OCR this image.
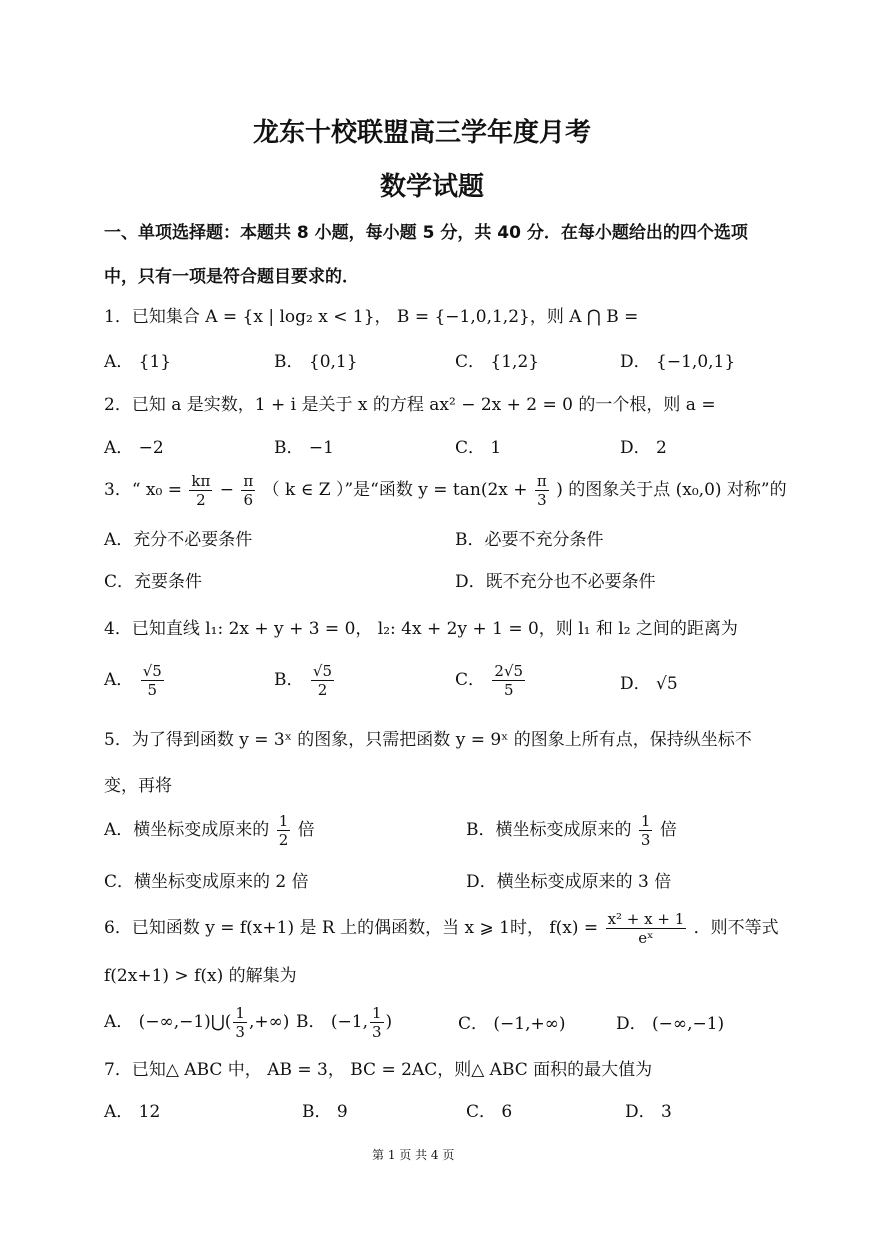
龙东十校联盟高三学年度月考
数学试题
一、单项选择题：本题共 8 小题，每小题 5 分，共 40 分．在每小题给出的四个选项
中，只有一项是符合题目要求的．
1．已知集合 A = {x | log₂ x < 1}， B = {−1,0,1,2}，则 A ⋂ B =
A． {1}	B． {0,1}	C． {1,2}	D． {−1,0,1}
2．已知 a 是实数，1 + i 是关于 x 的方程 ax² − 2x + 2 = 0 的一个根，则 a =
A． −2	B． −1	C． 1	D． 2
3．“ $x_0 = \frac{k\pi}{2} - \frac{\pi}{6}$ （ k ∈ Z ）”是“函数 $y = \tan(2x + \frac{\pi}{3}$ ) 的图象关于点 (x₀,0) 对称”的
A．充分不必要条件	B．必要不充分条件
C．充要条件	D．既不充分也不必要条件
4．已知直线 l₁: 2x + y + 3 = 0， l₂: 4x + 2y + 1 = 0，则 l₁ 和 l₂ 之间的距离为
A． $\frac{√5}{5}$	B． $\frac{√5}{2}$	C． $\frac{2√5}{5}$	D． √5
5．为了得到函数 y = 3ˣ 的图象，只需把函数 y = 9ˣ 的图象上所有点，保持纵坐标不
变，再将
A．横坐标变成原来的 $\frac{1}{2}$ 倍	B．横坐标变成原来的 $\frac{1}{3}$ 倍
C．横坐标变成原来的 2 倍	D．横坐标变成原来的 3 倍
6．已知函数 y = f(x+1) 是 R 上的偶函数，当 x ⩾ 1时， $f(x) = \frac{\text{x² + x + 1}}{\text{eˣ}}$ ．则不等式
f(2x+1) > f(x) 的解集为
A． (−∞,−1)⋃( $\frac{1}{3}$ ,+∞) B． (−1, $\frac{1}{3}$ )	C． (−1,+∞)	D． (−∞,−1)
7．已知△ ABC 中， AB = 3， BC = 2AC，则△ ABC 面积的最大值为
A． 12	B． 9	C． 6	D． 3
第 1 页 共 4 页
